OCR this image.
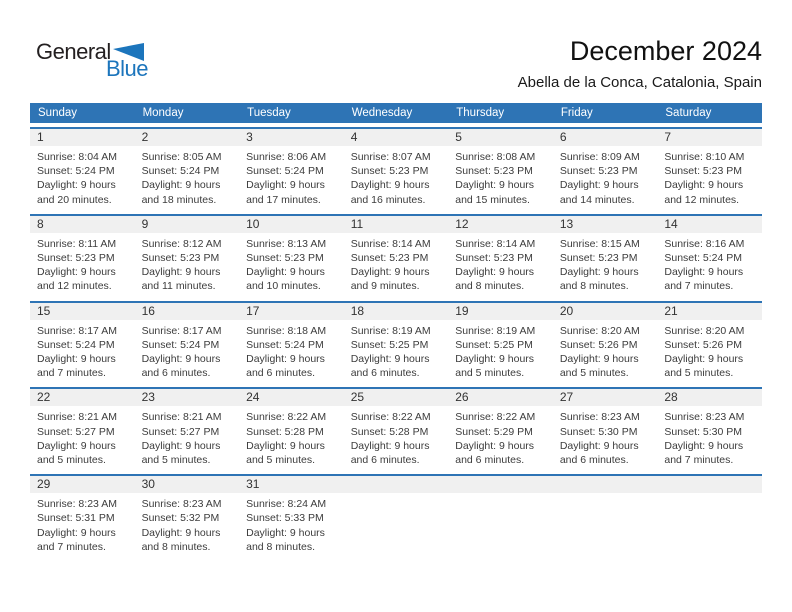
General
Blue
December 2024
Abella de la Conca, Catalonia, Spain
Sunday	Monday	Tuesday	Wednesday	Thursday	Friday	Saturday
1	2	3	4	5	6	7
Sunrise: 8:04 AM
Sunset: 5:24 PM
Daylight: 9 hours and 20 minutes.
Sunrise: 8:05 AM
Sunset: 5:24 PM
Daylight: 9 hours and 18 minutes.
Sunrise: 8:06 AM
Sunset: 5:24 PM
Daylight: 9 hours and 17 minutes.
Sunrise: 8:07 AM
Sunset: 5:23 PM
Daylight: 9 hours and 16 minutes.
Sunrise: 8:08 AM
Sunset: 5:23 PM
Daylight: 9 hours and 15 minutes.
Sunrise: 8:09 AM
Sunset: 5:23 PM
Daylight: 9 hours and 14 minutes.
Sunrise: 8:10 AM
Sunset: 5:23 PM
Daylight: 9 hours and 12 minutes.
8	9	10	11	12	13	14
Sunrise: 8:11 AM
Sunset: 5:23 PM
Daylight: 9 hours and 12 minutes.
Sunrise: 8:12 AM
Sunset: 5:23 PM
Daylight: 9 hours and 11 minutes.
Sunrise: 8:13 AM
Sunset: 5:23 PM
Daylight: 9 hours and 10 minutes.
Sunrise: 8:14 AM
Sunset: 5:23 PM
Daylight: 9 hours and 9 minutes.
Sunrise: 8:14 AM
Sunset: 5:23 PM
Daylight: 9 hours and 8 minutes.
Sunrise: 8:15 AM
Sunset: 5:23 PM
Daylight: 9 hours and 8 minutes.
Sunrise: 8:16 AM
Sunset: 5:24 PM
Daylight: 9 hours and 7 minutes.
15	16	17	18	19	20	21
Sunrise: 8:17 AM
Sunset: 5:24 PM
Daylight: 9 hours and 7 minutes.
Sunrise: 8:17 AM
Sunset: 5:24 PM
Daylight: 9 hours and 6 minutes.
Sunrise: 8:18 AM
Sunset: 5:24 PM
Daylight: 9 hours and 6 minutes.
Sunrise: 8:19 AM
Sunset: 5:25 PM
Daylight: 9 hours and 6 minutes.
Sunrise: 8:19 AM
Sunset: 5:25 PM
Daylight: 9 hours and 5 minutes.
Sunrise: 8:20 AM
Sunset: 5:26 PM
Daylight: 9 hours and 5 minutes.
Sunrise: 8:20 AM
Sunset: 5:26 PM
Daylight: 9 hours and 5 minutes.
22	23	24	25	26	27	28
Sunrise: 8:21 AM
Sunset: 5:27 PM
Daylight: 9 hours and 5 minutes.
Sunrise: 8:21 AM
Sunset: 5:27 PM
Daylight: 9 hours and 5 minutes.
Sunrise: 8:22 AM
Sunset: 5:28 PM
Daylight: 9 hours and 5 minutes.
Sunrise: 8:22 AM
Sunset: 5:28 PM
Daylight: 9 hours and 6 minutes.
Sunrise: 8:22 AM
Sunset: 5:29 PM
Daylight: 9 hours and 6 minutes.
Sunrise: 8:23 AM
Sunset: 5:30 PM
Daylight: 9 hours and 6 minutes.
Sunrise: 8:23 AM
Sunset: 5:30 PM
Daylight: 9 hours and 7 minutes.
29	30	31
Sunrise: 8:23 AM
Sunset: 5:31 PM
Daylight: 9 hours and 7 minutes.
Sunrise: 8:23 AM
Sunset: 5:32 PM
Daylight: 9 hours and 8 minutes.
Sunrise: 8:24 AM
Sunset: 5:33 PM
Daylight: 9 hours and 8 minutes.
